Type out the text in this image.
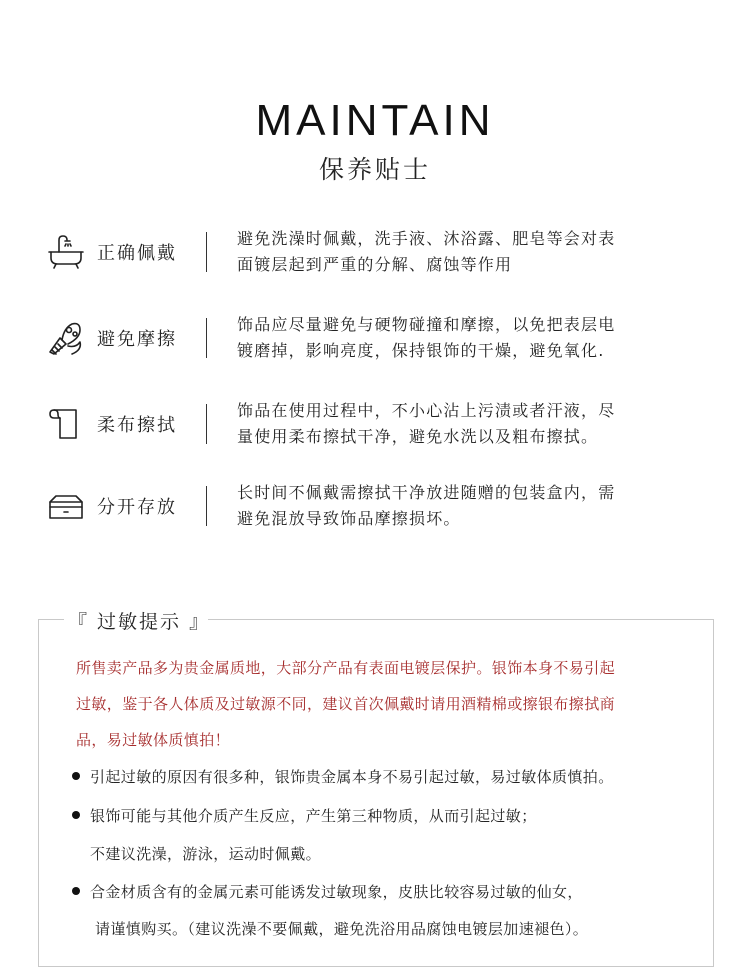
MAINTAIN
保养贴士
正确佩戴

避免洗澡时佩戴，洗手液、沐浴露、肥皂等会对表

面镀层起到严重的分解、腐蚀等作用

避免摩擦

饰品应尽量避免与硬物碰撞和摩擦，以免把表层电

镀磨掉，影响亮度，保持银饰的干燥，避免氧化.

柔布擦拭

饰品在使用过程中，不小心沾上污渍或者汗液，尽

量使用柔布擦拭干净，避免水洗以及粗布擦拭。

分开存放

长时间不佩戴需擦拭干净放进随赠的包装盒内，需

避免混放导致饰品摩擦损坏。

『 过敏提示 』

所售卖产品多为贵金属质地，大部分产品有表面电镀层保护。银饰本身不易引起

过敏，鉴于各人体质及过敏源不同，建议首次佩戴时请用酒精棉或擦银布擦拭商

品，易过敏体质慎拍！

引起过敏的原因有很多种，银饰贵金属本身不易引起过敏，易过敏体质慎拍。
银饰可能与其他介质产生反应，产生第三种物质，从而引起过敏；
不建议洗澡，游泳，运动时佩戴。
合金材质含有的金属元素可能诱发过敏现象，皮肤比较容易过敏的仙女，
请谨慎购买。（建议洗澡不要佩戴，避免洗浴用品腐蚀电镀层加速褪色）。
